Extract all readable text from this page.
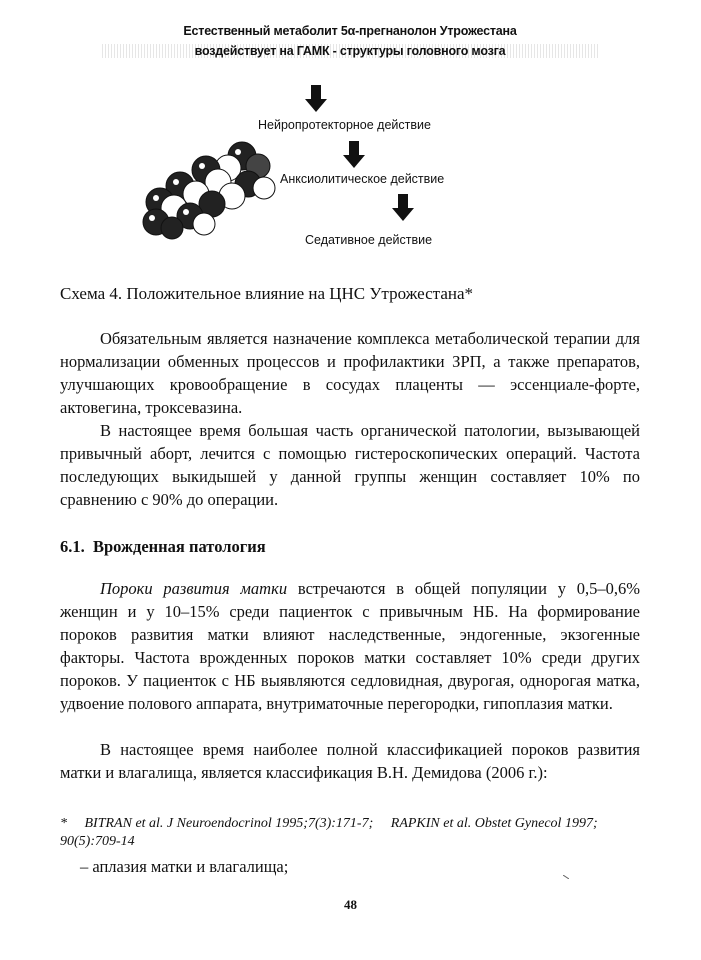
Естественный метаболит 5α-прегнанолон Утрожестана
воздействует на ГАМК - структуры головного мозга
Нейропротекторное действие
Анксиолитическое действие
Седативное действие
Схема 4. Положительное влияние на ЦНС Утрожестана*

Обязательным является назначение комплекса метаболической терапии для нормализации обменных процессов и профилактики ЗРП, а также препаратов, улучшающих кровообращение в сосудах плаценты — эссенциале-форте, актовегина, троксевазина.

В настоящее время большая часть органической патологии, вызывающей привычный аборт, лечится с помощью гистероскопических операций. Частота последующих выкидышей у данной группы женщин составляет 10% по сравнению с 90% до операции.

6.1. Врожденная патология

Пороки развития матки встречаются в общей популяции у 0,5–0,6% женщин и у 10–15% среди пациенток с привычным НБ. На формирование пороков развития матки влияют наследственные, эндогенные, экзогенные факторы. Частота врожденных пороков матки составляет 10% среди других пороков. У пациенток с НБ выявляются седловидная, двурогая, однорогая матка, удвоение полового аппарата, внутриматочные перегородки, гипоплазия матки.

В настоящее время наиболее полной классификацией пороков развития матки и влагалища, является классификация В.Н. Демидова (2006 г.):

* BITRAN et al. J Neuroendocrinol 1995;7(3):171-7; RAPKIN et al. Obstet Gynecol 1997; 90(5):709-14
– аплазия матки и влагалища;
48
